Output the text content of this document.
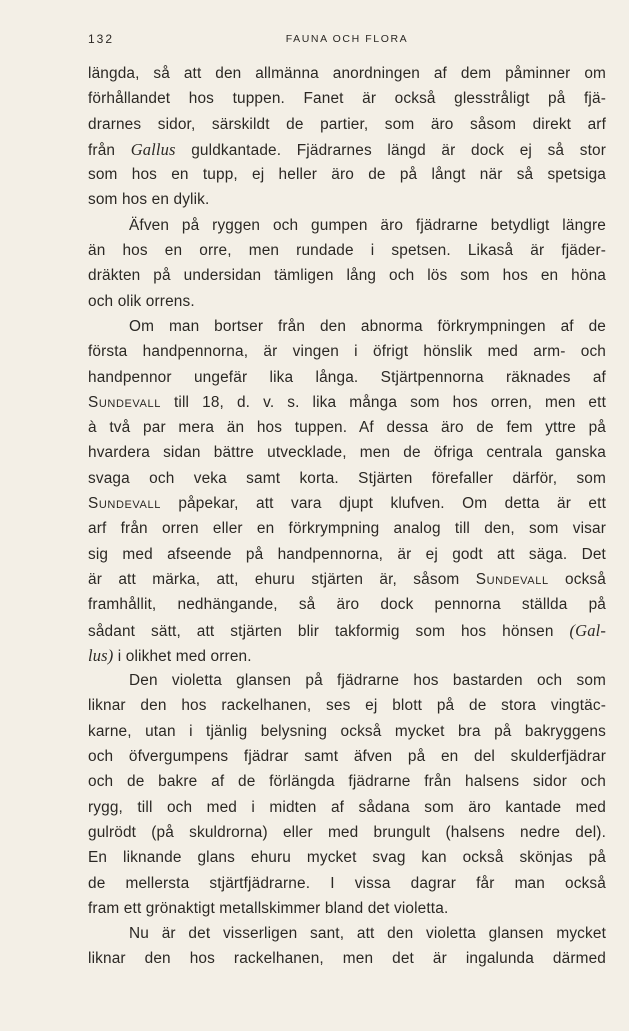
132	FAUNA OCH FLORA
längda, så att den allmänna anordningen af dem påminner om
förhållandet hos tuppen. Fanet är också glesstråligt på fjä-
drarnes sidor, särskildt de partier, som äro såsom direkt arf
från Gallus guldkantade. Fjädrarnes längd är dock ej så stor
som hos en tupp, ej heller äro de på långt när så spetsiga
som hos en dylik.
Äfven på ryggen och gumpen äro fjädrarne betydligt längre
än hos en orre, men rundade i spetsen. Likaså är fjäder-
dräkten på undersidan tämligen lång och lös som hos en höna
och olik orrens.
Om man bortser från den abnorma förkrympningen af de
första handpennorna, är vingen i öfrigt hönslik med arm- och
handpennor ungefär lika långa. Stjärtpennorna räknades af
Sundevall till 18, d. v. s. lika många som hos orren, men ett
à två par mera än hos tuppen. Af dessa äro de fem yttre på
hvardera sidan bättre utvecklade, men de öfriga centrala ganska
svaga och veka samt korta. Stjärten förefaller därför, som
Sundevall påpekar, att vara djupt klufven. Om detta är ett
arf från orren eller en förkrympning analog till den, som visar
sig med afseende på handpennorna, är ej godt att säga. Det
är att märka, att, ehuru stjärten är, såsom Sundevall också
framhållit, nedhängande, så äro dock pennorna ställda på
sådant sätt, att stjärten blir takformig som hos hönsen (Gal-
lus) i olikhet med orren.
Den violetta glansen på fjädrarne hos bastarden och som
liknar den hos rackelhanen, ses ej blott på de stora vingtäc-
karne, utan i tjänlig belysning också mycket bra på bakryggens
och öfvergumpens fjädrar samt äfven på en del skulderfjädrar
och de bakre af de förlängda fjädrarne från halsens sidor och
rygg, till och med i midten af sådana som äro kantade med
gulrödt (på skuldrorna) eller med brungult (halsens nedre del).
En liknande glans ehuru mycket svag kan också skönjas på
de mellersta stjärtfjädrarne. I vissa dagrar får man också
fram ett grönaktigt metallskimmer bland det violetta.
Nu är det visserligen sant, att den violetta glansen mycket
liknar den hos rackelhanen, men det är ingalunda därmed
